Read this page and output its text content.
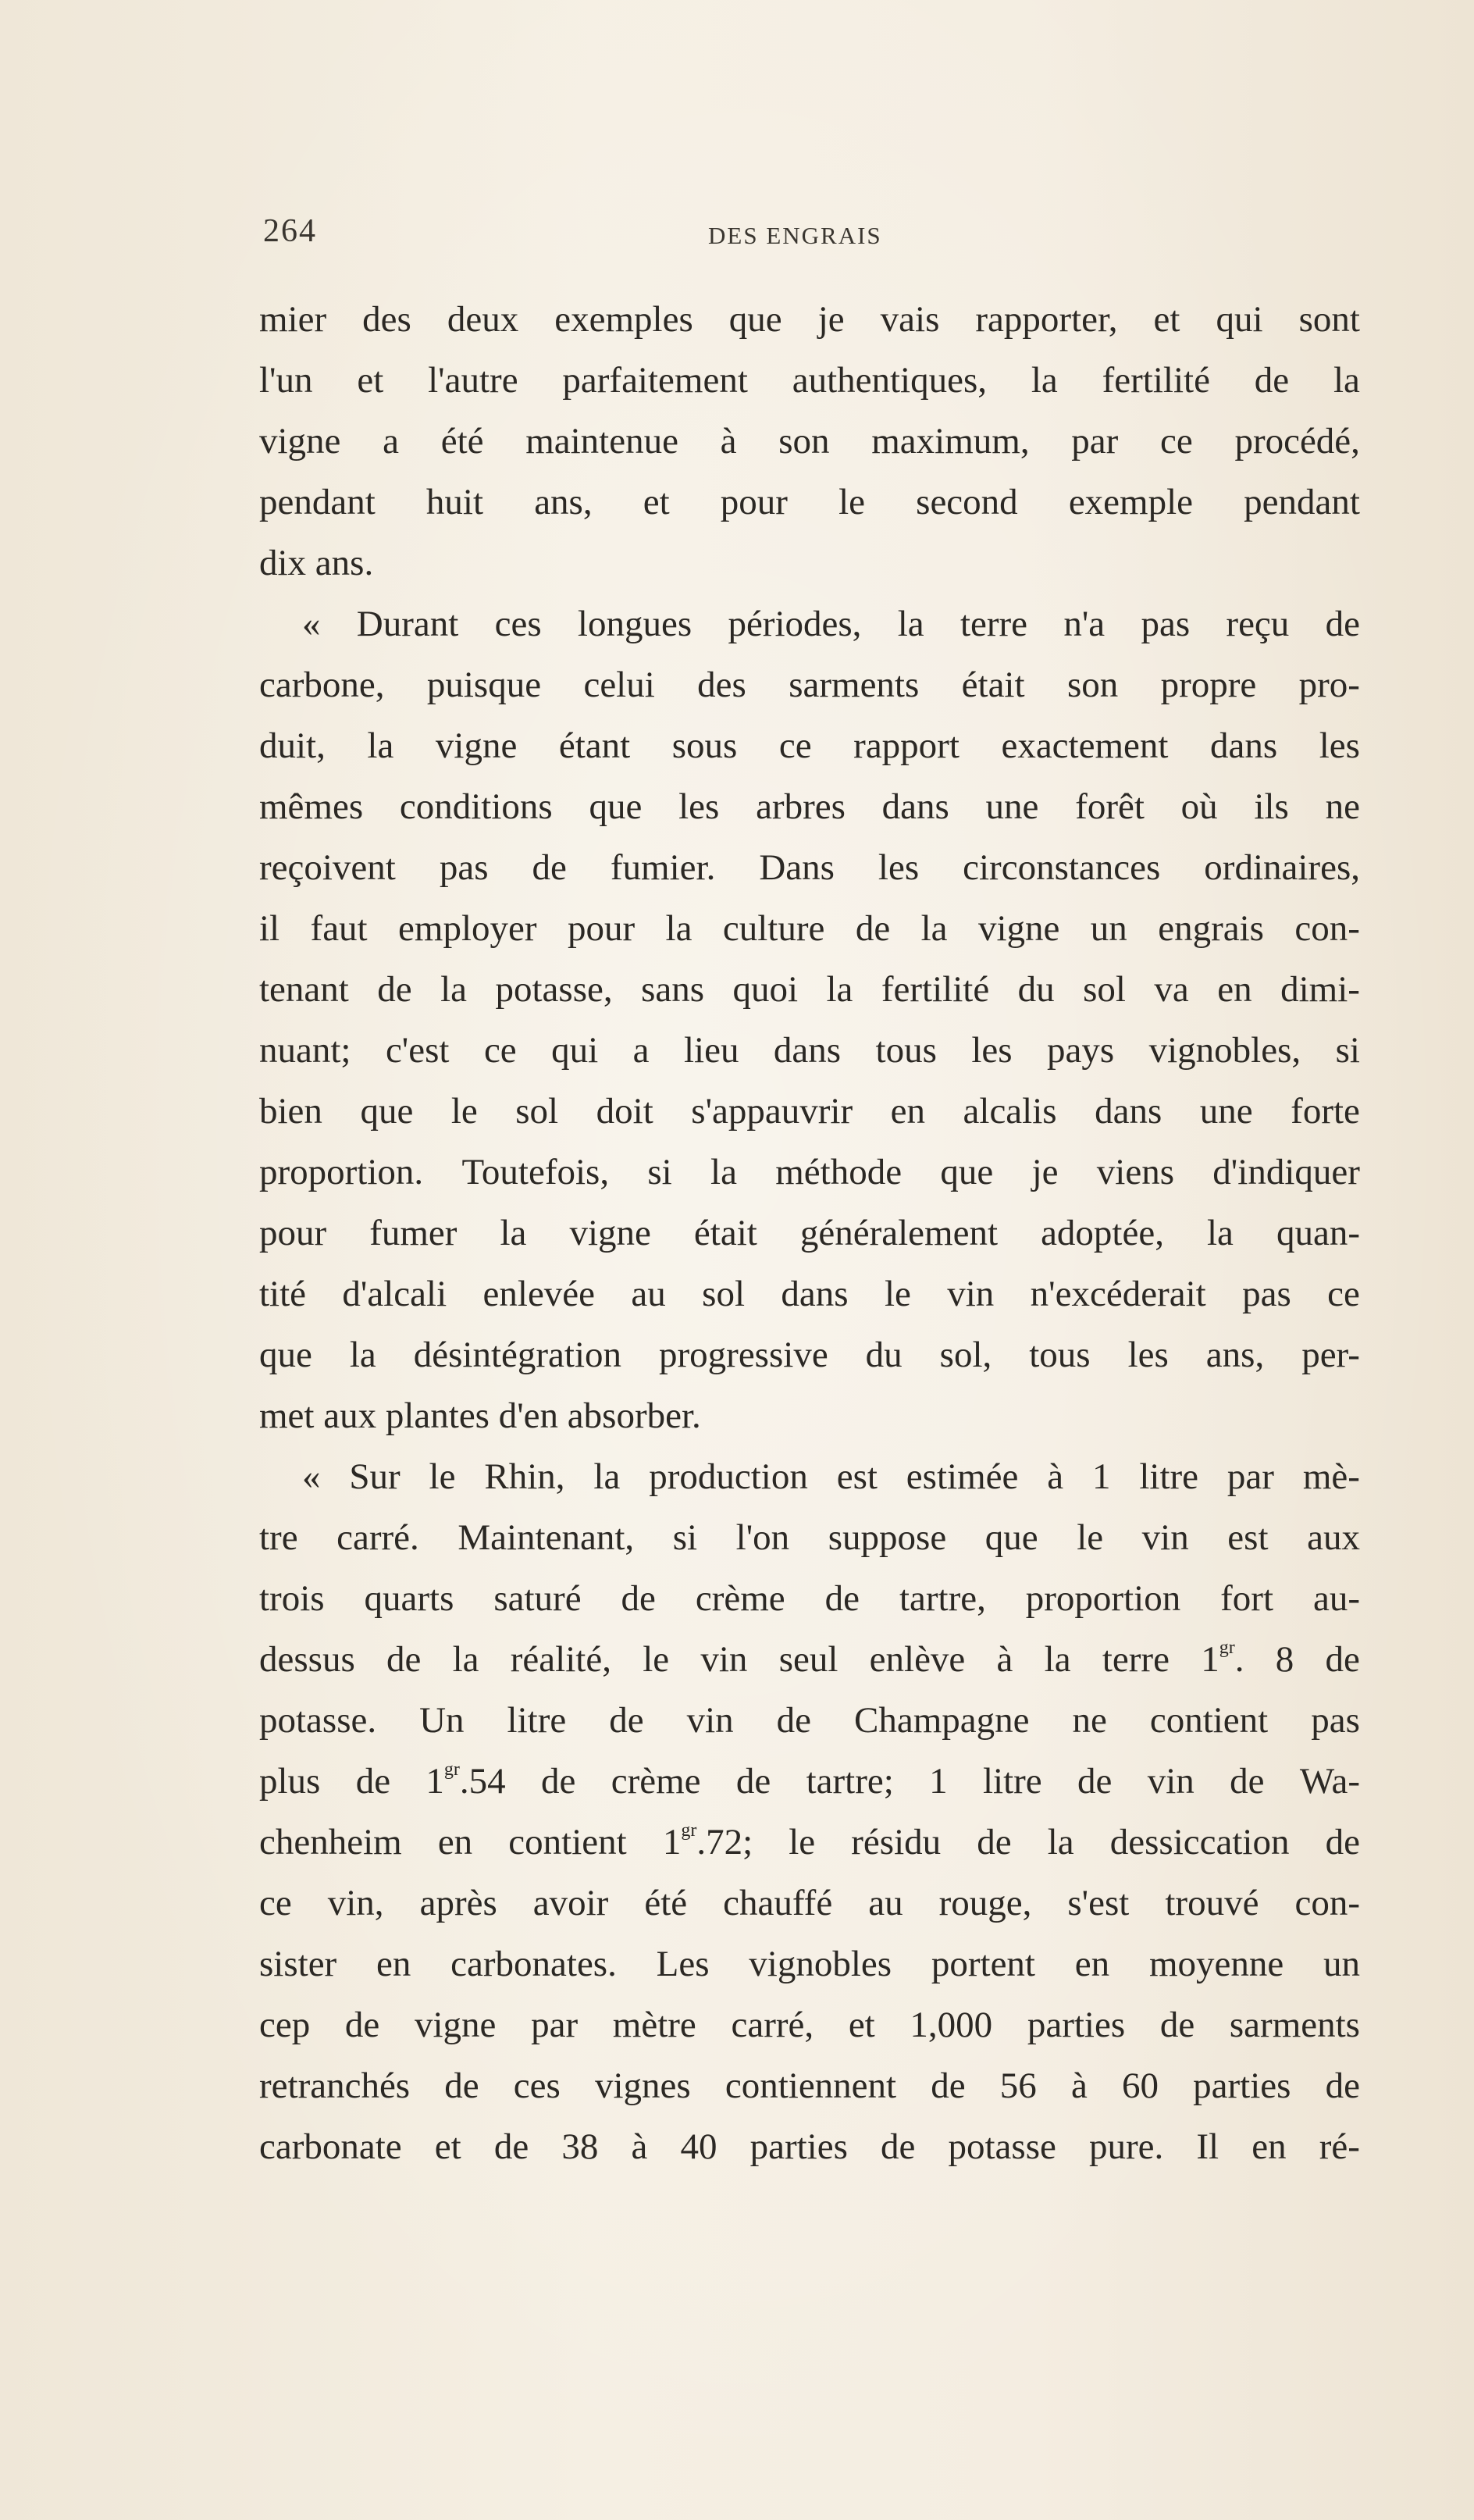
264	DES ENGRAIS
mier des deux exemples que je vais rapporter, et qui sont
l'un et l'autre parfaitement authentiques, la fertilité de la
vigne a été maintenue à son maximum, par ce procédé,
pendant huit ans, et pour le second exemple pendant
dix ans.
« Durant ces longues périodes, la terre n'a pas reçu de
carbone, puisque celui des sarments était son propre pro-
duit, la vigne étant sous ce rapport exactement dans les
mêmes conditions que les arbres dans une forêt où ils ne
reçoivent pas de fumier. Dans les circonstances ordinaires,
il faut employer pour la culture de la vigne un engrais con-
tenant de la potasse, sans quoi la fertilité du sol va en dimi-
nuant; c'est ce qui a lieu dans tous les pays vignobles, si
bien que le sol doit s'appauvrir en alcalis dans une forte
proportion. Toutefois, si la méthode que je viens d'indiquer
pour fumer la vigne était généralement adoptée, la quan-
tité d'alcali enlevée au sol dans le vin n'excéderait pas ce
que la désintégration progressive du sol, tous les ans, per-
met aux plantes d'en absorber.
« Sur le Rhin, la production est estimée à 1 litre par mè-
tre carré. Maintenant, si l'on suppose que le vin est aux
trois quarts saturé de crème de tartre, proportion fort au-
dessus de la réalité, le vin seul enlève à la terre $1^{gr}$. 8 de
potasse. Un litre de vin de Champagne ne contient pas
plus de $1^{gr}.54$ de crème de tartre; 1 litre de vin de Wa-
chenheim en contient $1^{gr}.72$; le résidu de la dessiccation de
ce vin, après avoir été chauffé au rouge, s'est trouvé con-
sister en carbonates. Les vignobles portent en moyenne un
cep de vigne par mètre carré, et 1,000 parties de sarments
retranchés de ces vignes contiennent de 56 à 60 parties de
carbonate et de 38 à 40 parties de potasse pure. Il en ré-
